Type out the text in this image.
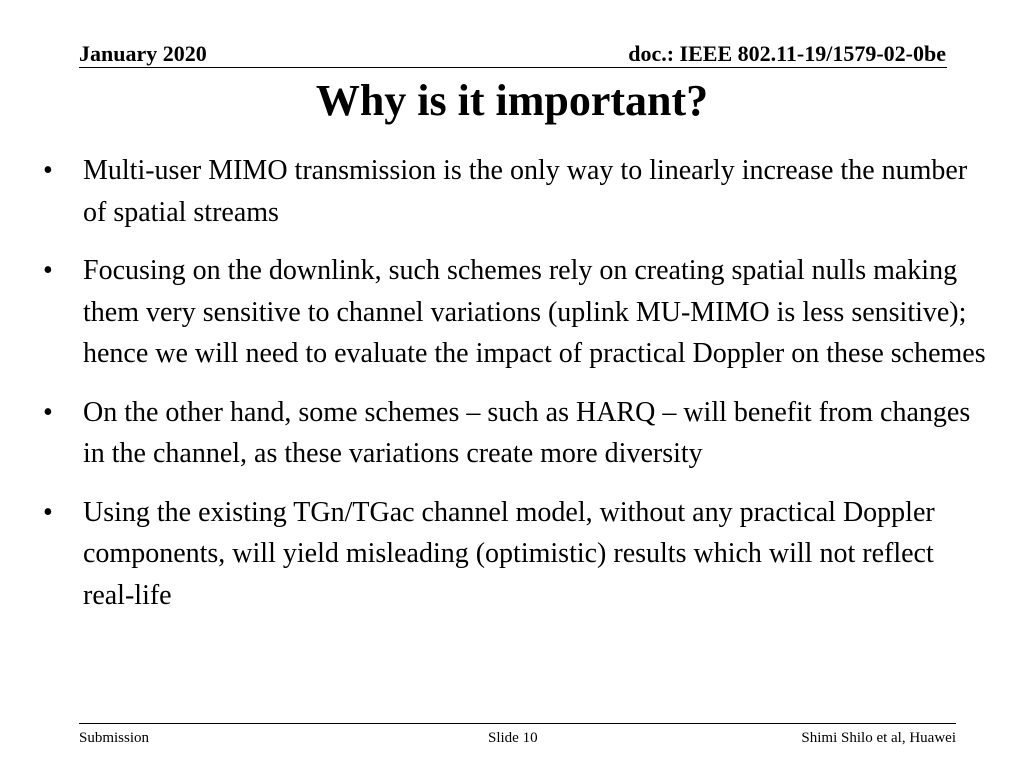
January 2020	doc.: IEEE 802.11-19/1579-02-0be
Why is it important?
• Multi-user MIMO transmission is the only way to linearly increase the number of spatial streams
• Focusing on the downlink, such schemes rely on creating spatial nulls making them very sensitive to channel variations (uplink MU-MIMO is less sensitive); hence we will need to evaluate the impact of practical Doppler on these schemes
• On the other hand, some schemes – such as HARQ – will benefit from changes in the channel, as these variations create more diversity
• Using the existing TGn/TGac channel model, without any practical Doppler components, will yield misleading (optimistic) results which will not reflect real-life
Submission	Slide 10	Shimi Shilo et al, Huawei
